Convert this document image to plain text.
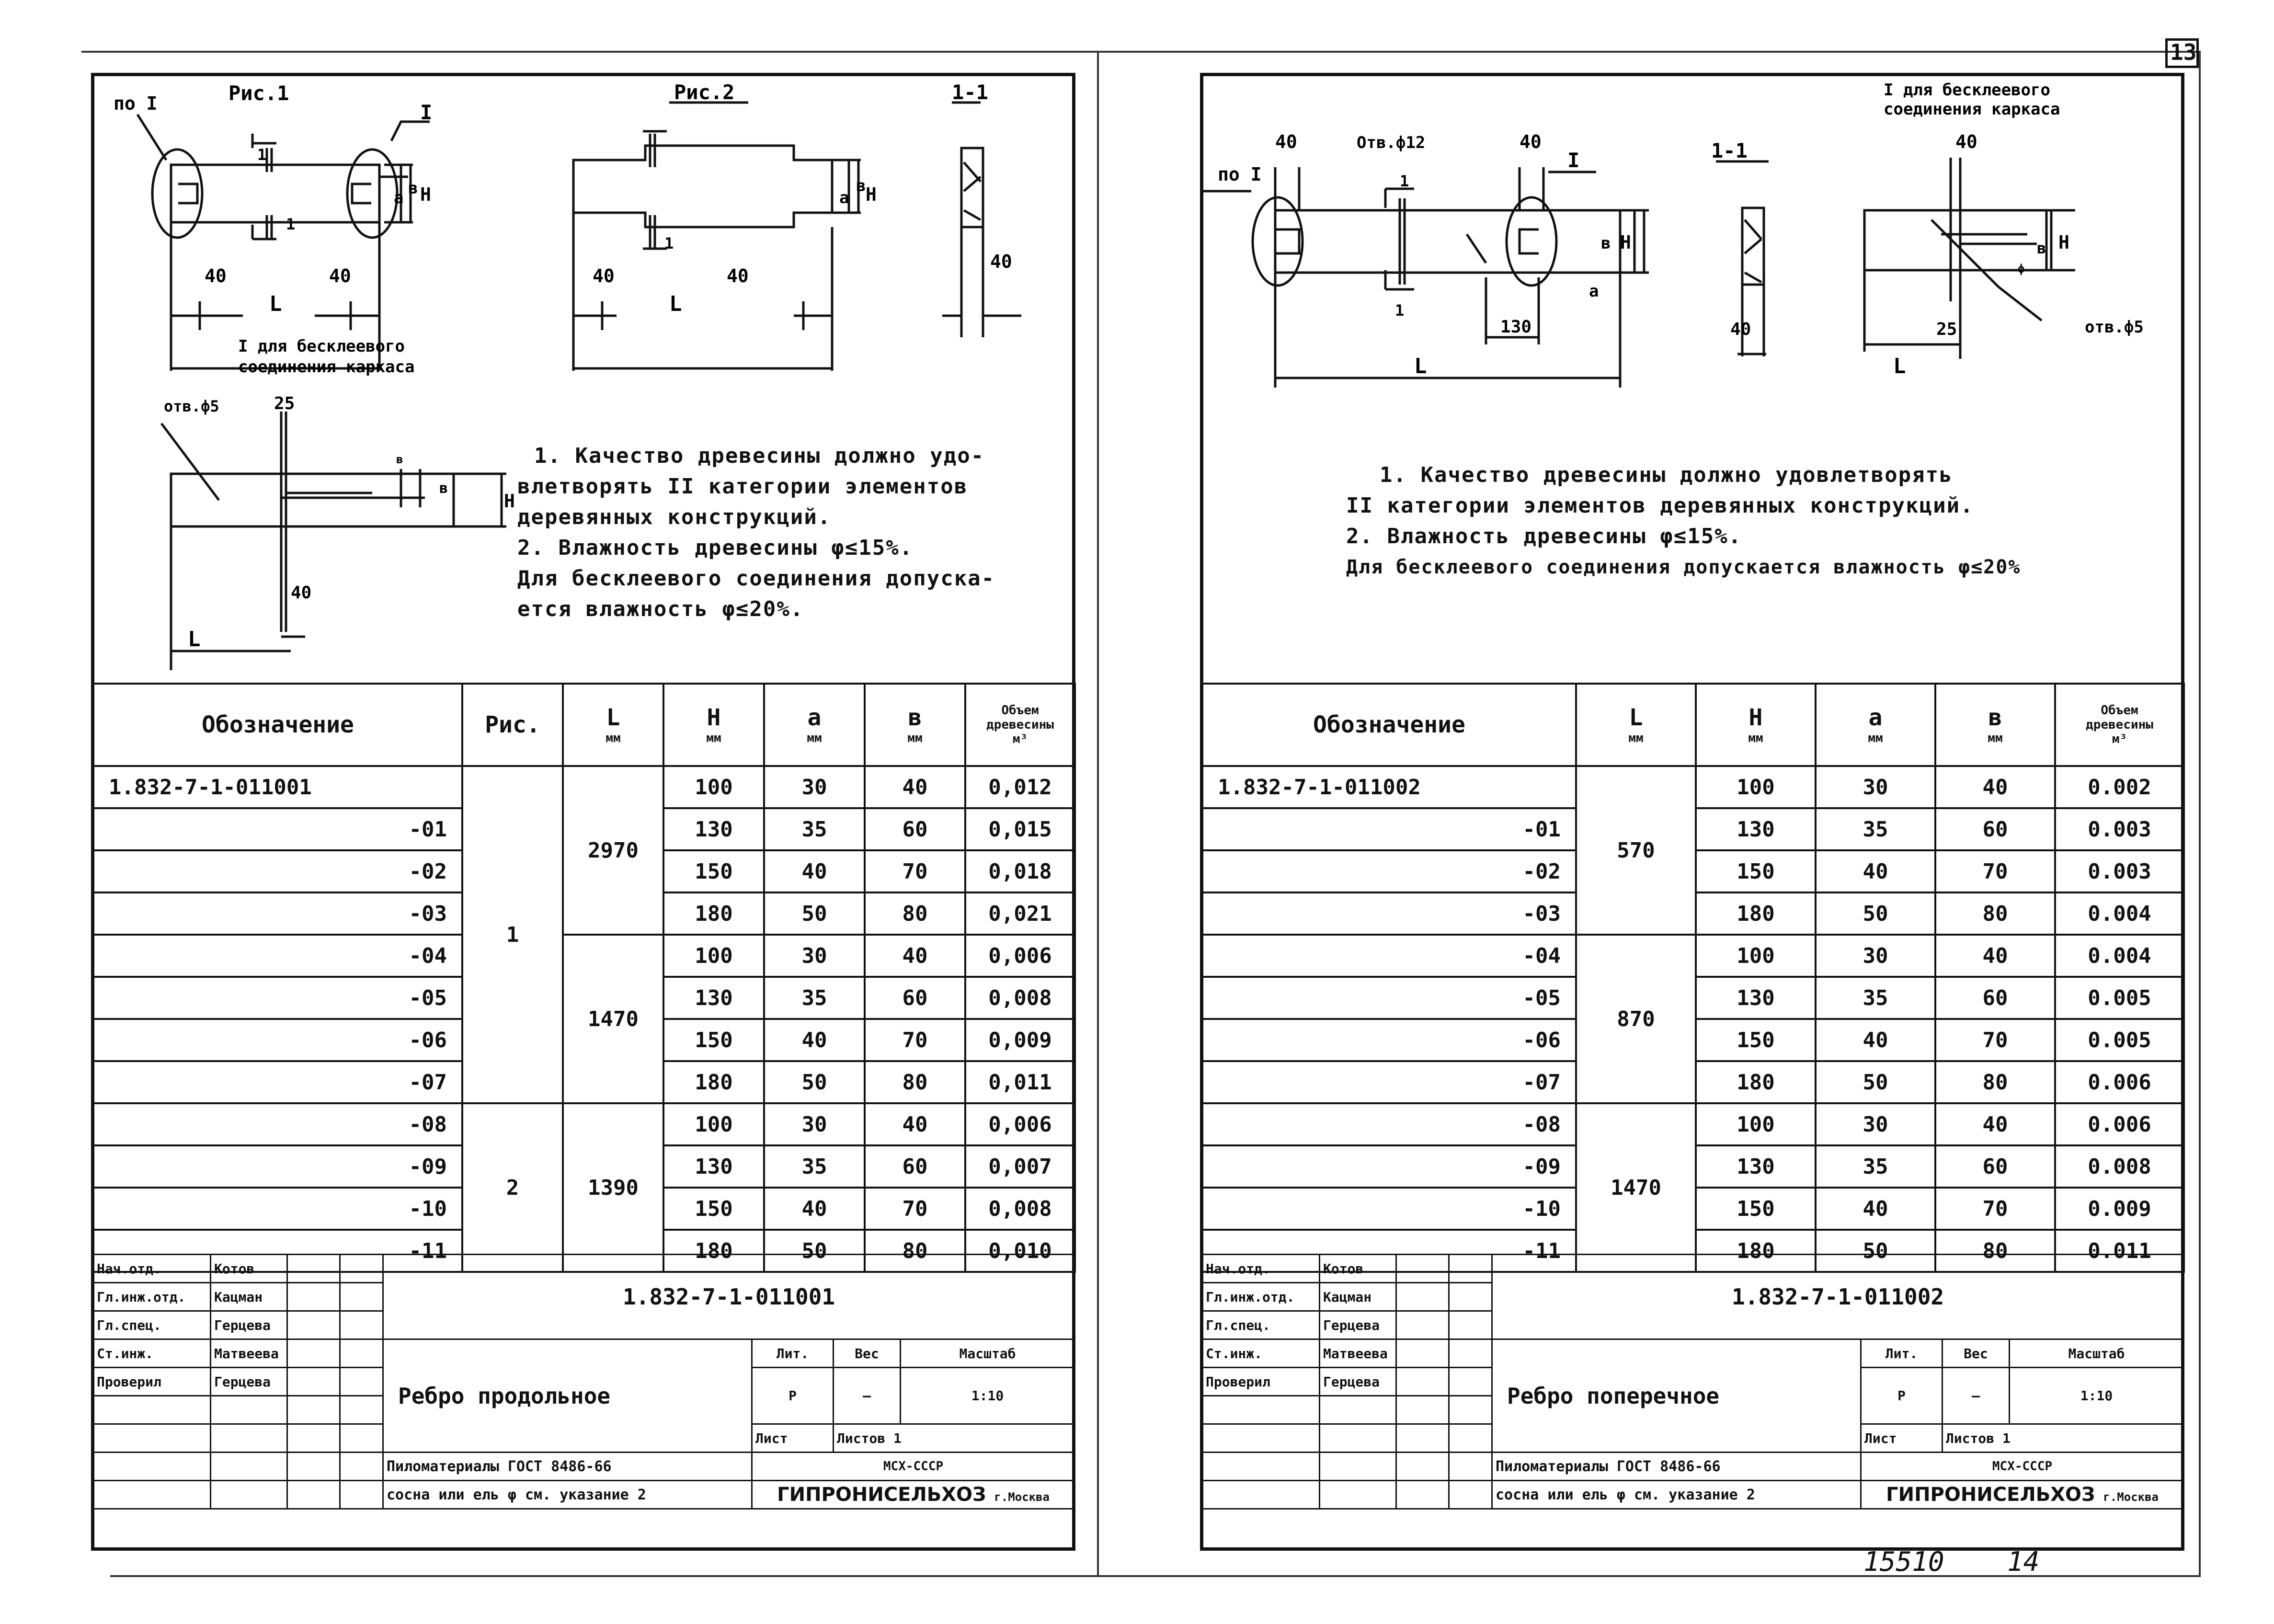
13
по I	Рис.1
1
1
I
40	40
L
a в H
Рис.2
1
40	40
L
a
в H
1-1
40
I для бесклеевого
соединения каркаса
отв.ф5	25
40
L
в
в
H
1. Качество древесины должно удо-
влетворять II категории элементов
деревянных конструкций.
2. Влажность древесины φ≤15%.
Для бесклеевого соединения допуска-
ется влажность φ≤20%.
Обозначение	Рис.	L
мм	H
мм	a
мм	в
мм	Объем
древесины
м³

1.832-7-1-011001	1	2970	100	30	40	0,012
-01			130	35	60	0,015
-02			150	40	70	0,018
-03			180	50	80	0,021
-04		1470	100	30	40	0,006
-05			130	35	60	0,008
-06			150	40	70	0,009
-07			180	50	80	0,011
-08	2	1390	100	30	40	0,006
-09			130	35	60	0,007
-10			150	40	70	0,008
-11			180	50	80	0,010
Нач.отд.	Котов			1.832-7-1-011001			
Гл.инж.отд.	Кацман						
Гл.спец.	Герцева						
Ст.инж.	Матвеева			Ребро продольное	Лит.	Вес	Масштаб
Проверил	Герцева				Р	—	1:10

					Лист	Листов 1	
				Пиломатериалы ГОСТ 8486-66	МСХ-СССР		
				сосна или ель φ см. указание 2	ГИПРОНИСЕЛЬХОЗ г.Москва		
по I
40	Отв.ф12	40
I
1
1
130
L
a
в H
1-1
40
I для бесклеевого
соединения каркаса
40
25	отв.ф5
L
ф
в H
1. Качество древесины должно удовлетворять
II категории элементов деревянных конструкций.
2. Влажность древесины φ≤15%.
Для бесклеевого соединения допускается влажность φ≤20%
Обозначение	L
мм	H
мм	a
мм	в
мм	Объем
древесины
м³

1.832-7-1-011002	570	100	30	40	0.002
-01		130	35	60	0.003
-02		150	40	70	0.003
-03		180	50	80	0.004
-04	870	100	30	40	0.004
-05		130	35	60	0.005
-06		150	40	70	0.005
-07		180	50	80	0.006
-08	1470	100	30	40	0.006
-09		130	35	60	0.008
-10		150	40	70	0.009
-11		180	50	80	0.011
Нач.отд.	Котов			1.832-7-1-011002			
Гл.инж.отд.	Кацман						
Гл.спец.	Герцева						
Ст.инж.	Матвеева			Ребро поперечное	Лит.	Вес	Масштаб
Проверил	Герцева				Р	—	1:10

					Лист	Листов 1	
				Пиломатериалы ГОСТ 8486-66	МСХ-СССР		
				сосна или ель φ см. указание 2	ГИПРОНИСЕЛЬХОЗ г.Москва		
15510 14
